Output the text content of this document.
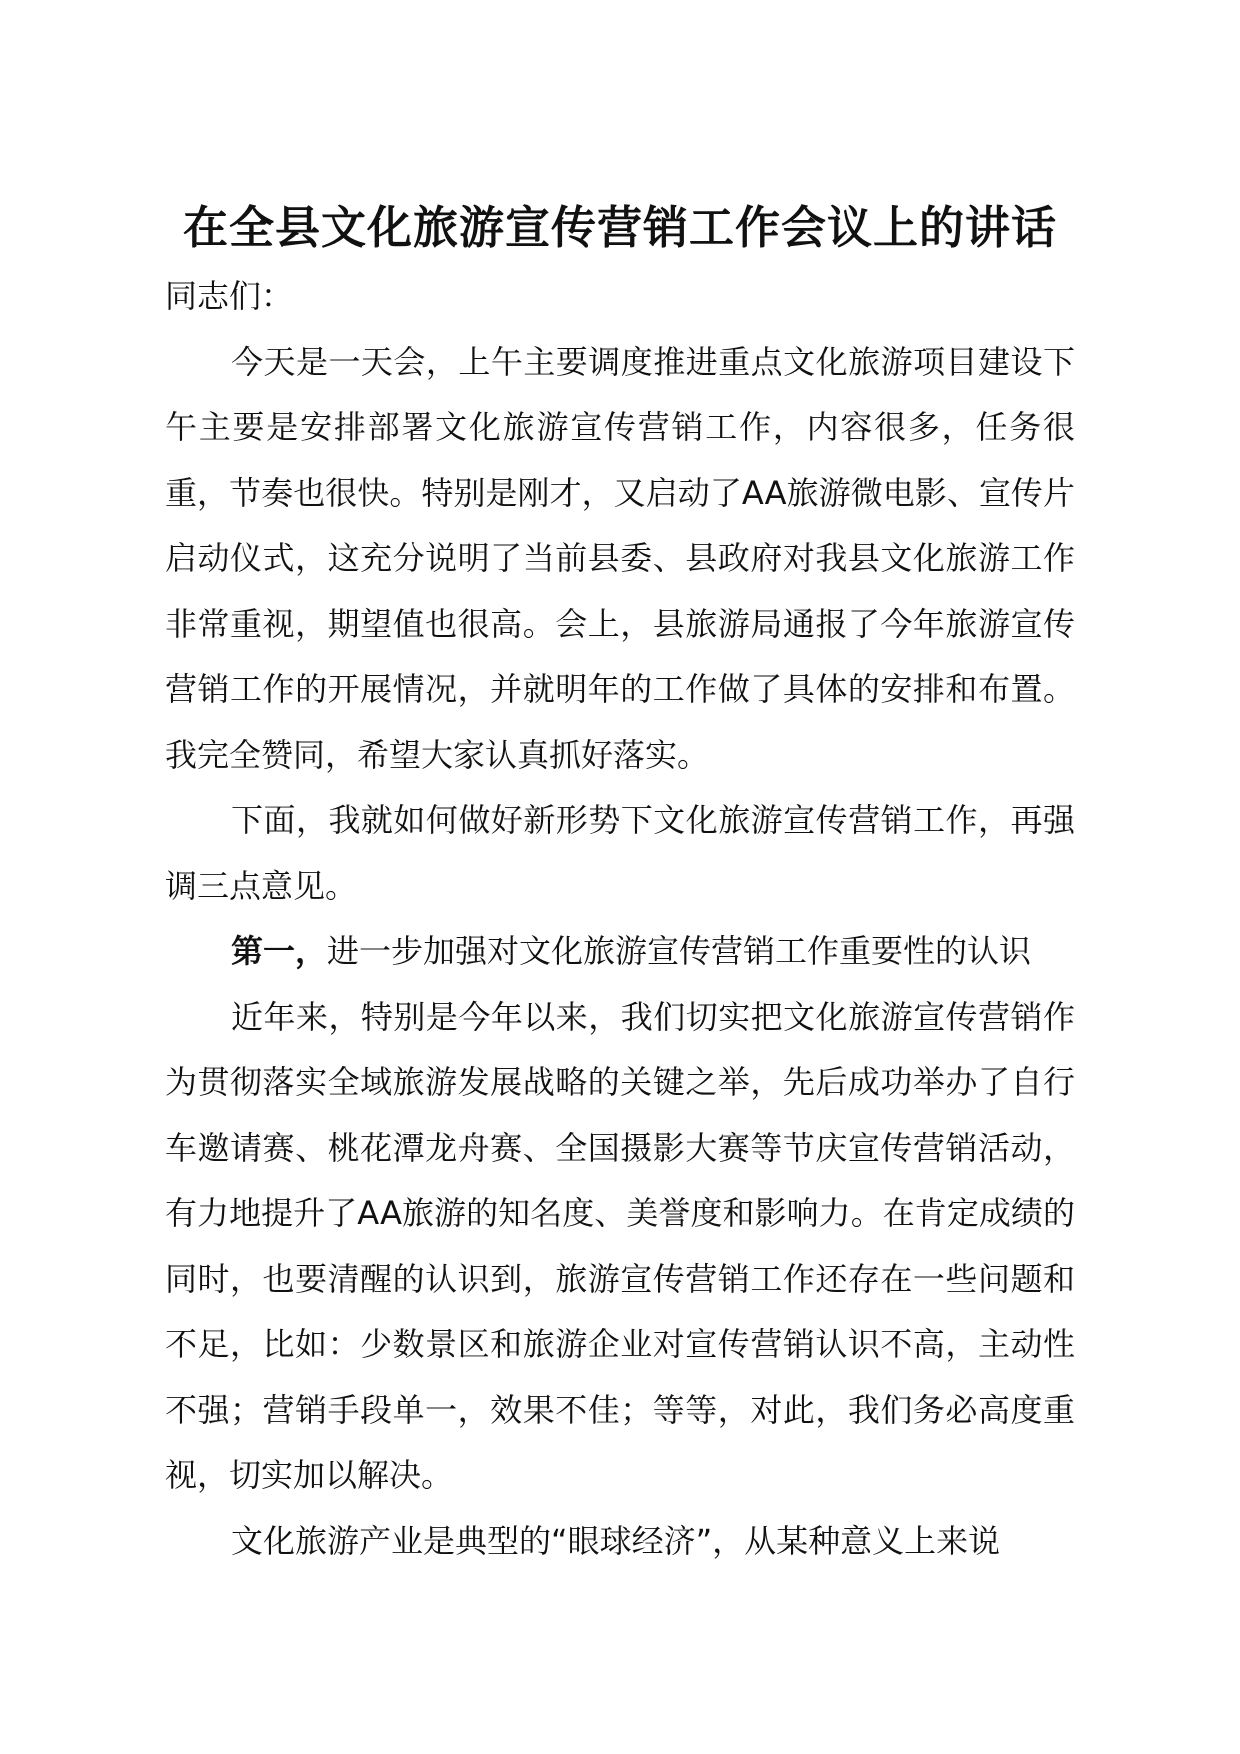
在全县文化旅游宣传营销工作会议上的讲话

同志们：

今天是一天会，上午主要调度推进重点文化旅游项目建设下午主要是安排部署文化旅游宣传营销工作，内容很多，任务很重，节奏也很快。特别是刚才，又启动了AA旅游微电影、宣传片启动仪式，这充分说明了当前县委、县政府对我县文化旅游工作非常重视，期望值也很高。会上，县旅游局通报了今年旅游宣传营销工作的开展情况，并就明年的工作做了具体的安排和布置。我完全赞同，希望大家认真抓好落实。

下面，我就如何做好新形势下文化旅游宣传营销工作，再强调三点意见。

第一，进一步加强对文化旅游宣传营销工作重要性的认识

近年来，特别是今年以来，我们切实把文化旅游宣传营销作为贯彻落实全域旅游发展战略的关键之举，先后成功举办了自行车邀请赛、桃花潭龙舟赛、全国摄影大赛等节庆宣传营销活动，有力地提升了AA旅游的知名度、美誉度和影响力。在肯定成绩的同时，也要清醒的认识到，旅游宣传营销工作还存在一些问题和不足，比如：少数景区和旅游企业对宣传营销认识不高，主动性不强；营销手段单一，效果不佳；等等，对此，我们务必高度重视，切实加以解决。

文化旅游产业是典型的“眼球经济”，从某种意义上来说
